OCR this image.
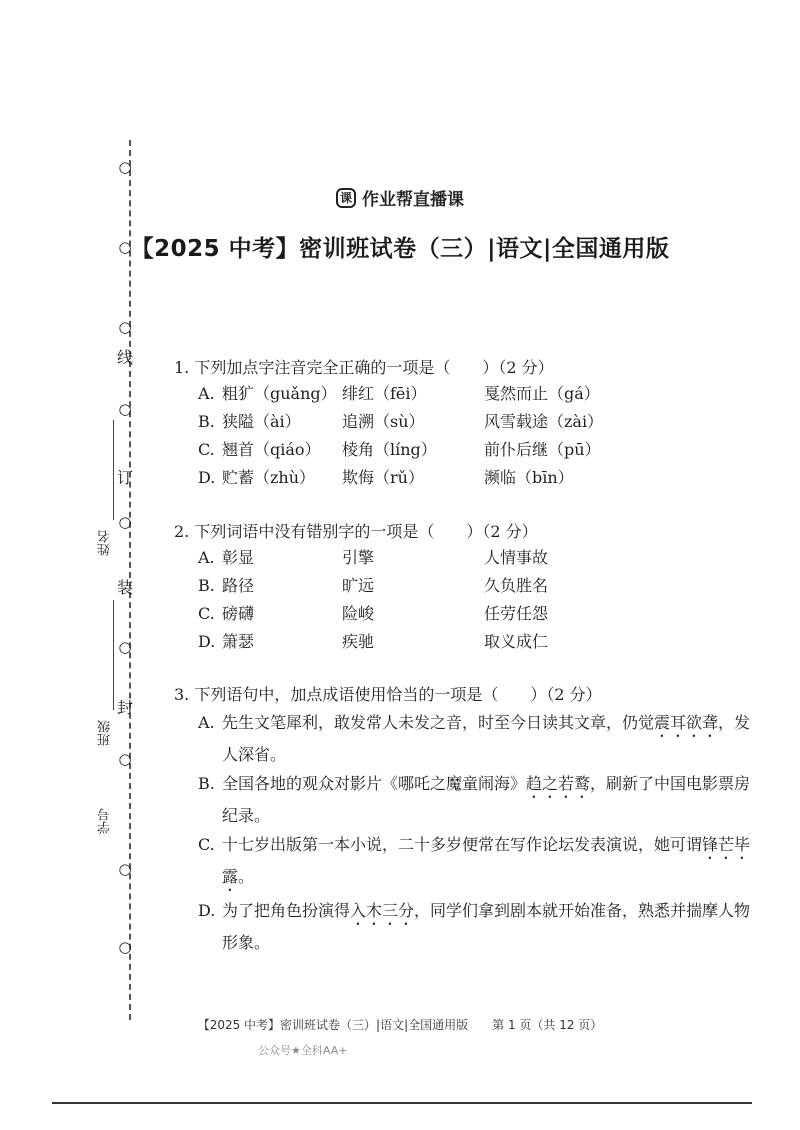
○
○
○
线
○
订
○
装
○
封
○
○
○
姓名
班级
学号
课 作业帮直播课
【2025 中考】密训班试卷（三）|语文|全国通用版
1. 下列加点字注音完全正确的一项是（　　）（2 分）
A. 粗犷（guǎng） 绯红（fēi）	戛然而止（gá）
B. 狭隘（ài）	追溯（sù）	风雪载途（zài）
C. 翘首（qiáo） 棱角（líng）	前仆后继（pū）
D. 贮蓄（zhù） 欺侮（rǔ）	濒临（bīn）
2. 下列词语中没有错别字的一项是（　　）（2 分）
A. 彰显	引擎	人情事故
B. 路径	旷远	久负胜名
C. 磅礴	险峻	任劳任怨
D. 箫瑟	疾驰	取义成仁
3. 下列语句中，加点成语使用恰当的一项是（　　）（2 分）
A. 先生文笔犀利，敢发常人未发之音，时至今日读其文章，仍觉震耳欲聋，发人深省。
B. 全国各地的观众对影片《哪吒之魔童闹海》趋之若鹜，刷新了中国电影票房纪录。
C. 十七岁出版第一本小说，二十多岁便常在写作论坛发表演说，她可谓锋芒毕露。
D. 为了把角色扮演得入木三分，同学们拿到剧本就开始准备，熟悉并揣摩人物形象。
【2025 中考】密训班试卷（三）|语文|全国通用版　　第 1 页（共 12 页）
公众号★全科AA+
